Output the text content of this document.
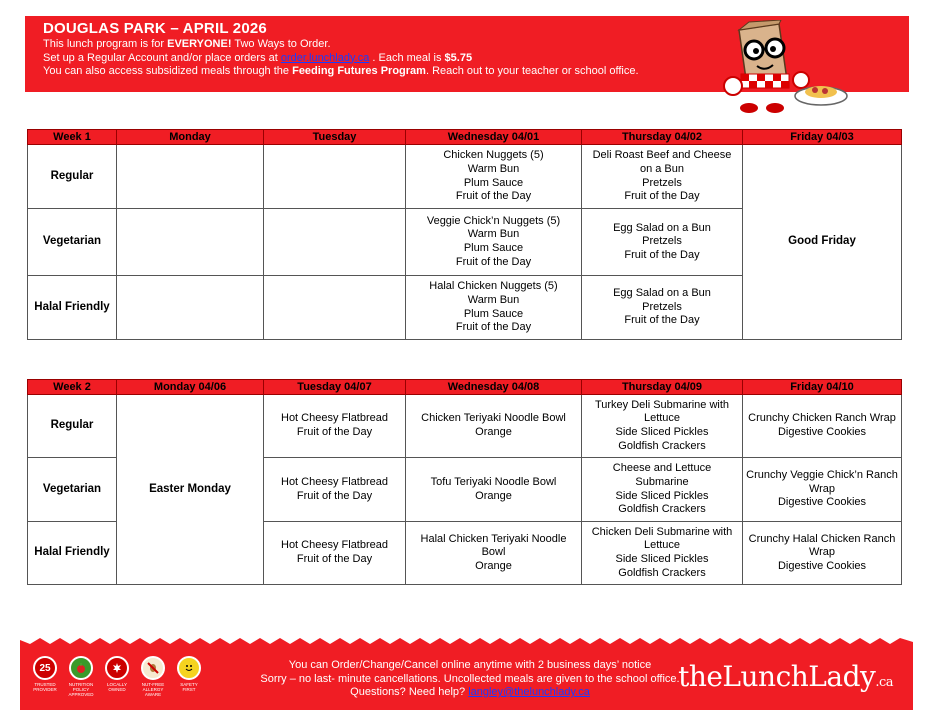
DOUGLAS PARK – APRIL 2026
This lunch program is for EVERYONE! Two Ways to Order.
Set up a Regular Account and/or place orders at order.lunchlady.ca . Each meal is $5.75
You can also access subsidized meals through the Feeding Futures Program. Reach out to your teacher or school office.
Week 1	Monday	Tuesday	Wednesday 04/01	Thursday 04/02	Friday 04/03
Regular			Chicken Nuggets (5)
Warm Bun
Plum Sauce
Fruit of the Day	Deli Roast Beef and Cheese on a Bun
Pretzels
Fruit of the Day	Good Friday
Vegetarian			Veggie Chick’n Nuggets (5)
Warm Bun
Plum Sauce
Fruit of the Day	Egg Salad on a Bun
Pretzels
Fruit of the Day	

Halal Friendly			Halal Chicken Nuggets (5)
Warm Bun
Plum Sauce
Fruit of the Day	Egg Salad on a Bun
Pretzels
Fruit of the Day	
Week 2	Monday 04/06	Tuesday 04/07	Wednesday 04/08	Thursday 04/09	Friday 04/10
Regular	Easter Monday	Hot Cheesy Flatbread
Fruit of the Day	Chicken Teriyaki Noodle Bowl
Orange	Turkey Deli Submarine with Lettuce
Side Sliced Pickles
Goldfish Crackers	Crunchy Chicken Ranch Wrap
Digestive Cookies

Vegetarian		Hot Cheesy Flatbread
Fruit of the Day	Tofu Teriyaki Noodle Bowl
Orange	Cheese and Lettuce Submarine
Side Sliced Pickles
Goldfish Crackers	Crunchy Veggie Chick’n Ranch Wrap
Digestive Cookies

Halal Friendly		Hot Cheesy Flatbread
Fruit of the Day	Halal Chicken Teriyaki Noodle Bowl
Orange	Chicken Deli Submarine with Lettuce
Side Sliced Pickles
Goldfish Crackers	Crunchy Halal Chicken Ranch Wrap
Digestive Cookies
25
TRUSTED PROVIDER
NUTRITION POLICY APPROVED
LOCALLY OWNED
NUT-FREE ALLERGY AWARE
SAFETY FIRST
You can Order/Change/Cancel online anytime with 2 business days’ notice
Sorry – no last- minute cancellations. Uncollected meals are given to the school office.
Questions? Need help? langley@thelunchlady.ca	theLunchLady.ca
